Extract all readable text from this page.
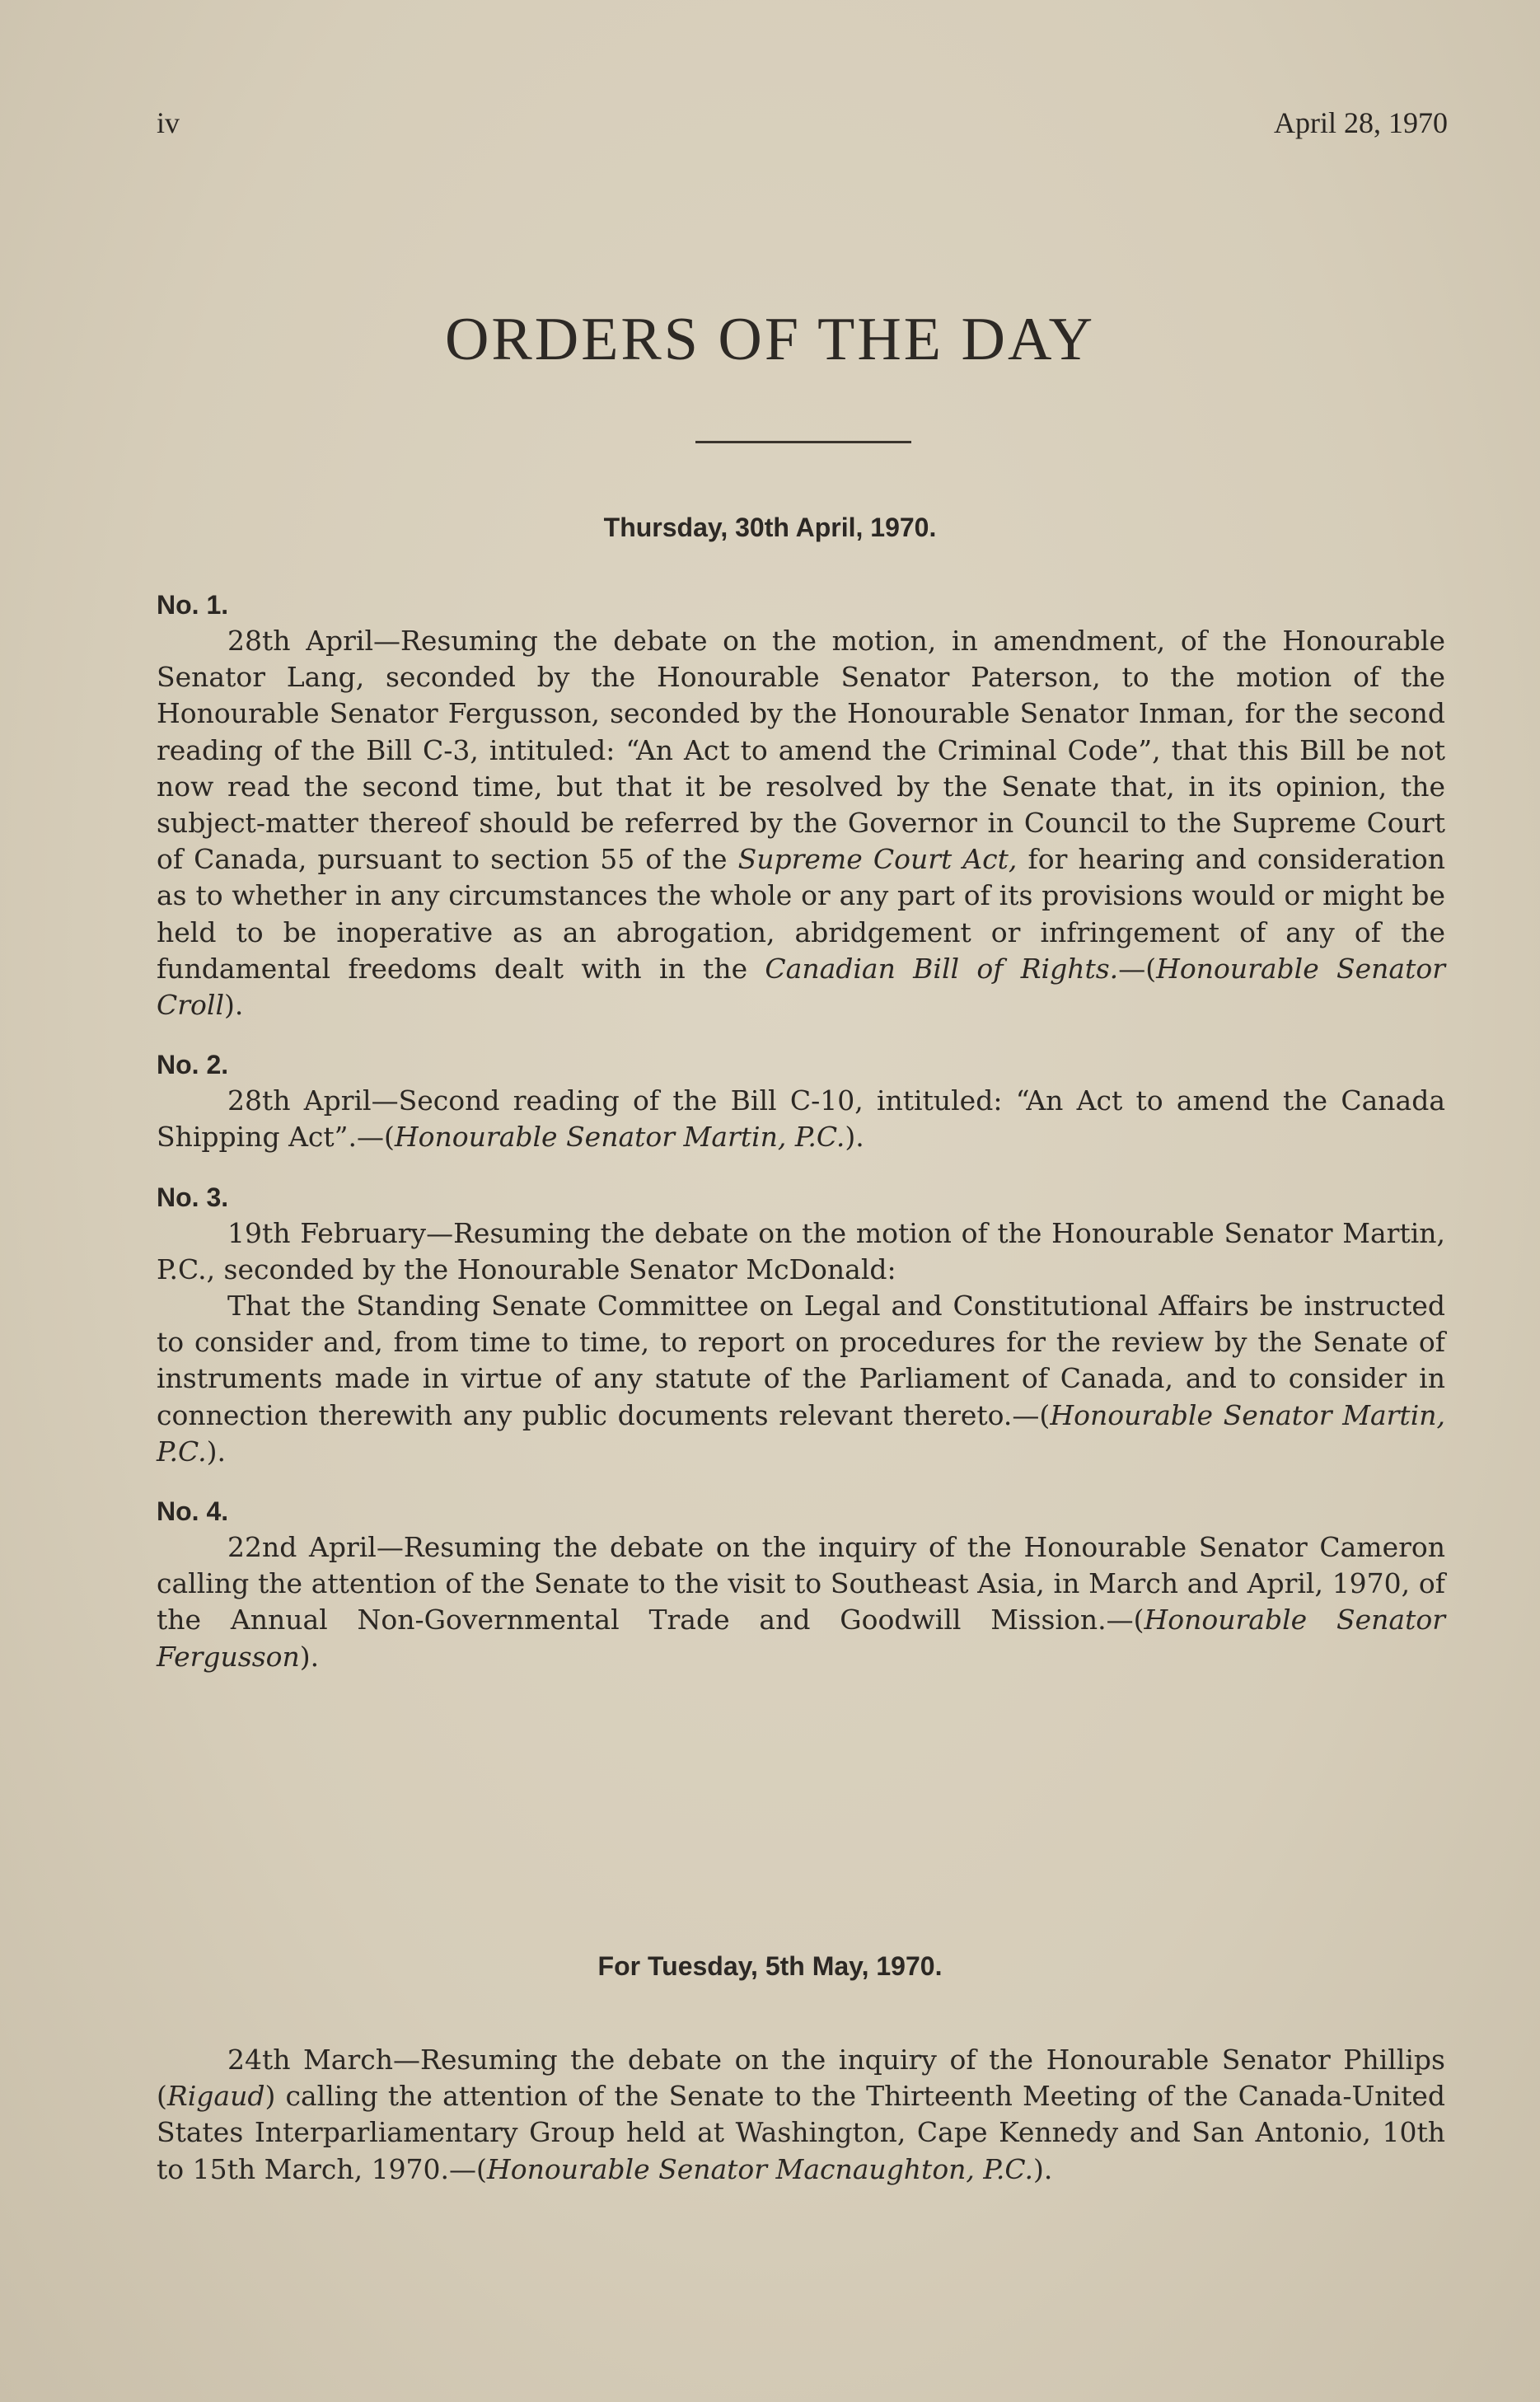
iv	April 28, 1970
ORDERS OF THE DAY
Thursday, 30th April, 1970.

No. 1.

28th April—Resuming the debate on the motion, in amendment, of the Honourable Senator Lang, seconded by the Honourable Senator Paterson, to the motion of the Honourable Senator Fergusson, seconded by the Honourable Senator Inman, for the second reading of the Bill C-3, intituled: “An Act to amend the Criminal Code”, that this Bill be not now read the second time, but that it be resolved by the Senate that, in its opinion, the subject-matter thereof should be referred by the Governor in Council to the Supreme Court of Canada, pursuant to section 55 of the Supreme Court Act, for hearing and consideration as to whether in any circumstances the whole or any part of its provisions would or might be held to be inoperative as an abrogation, abridgement or infringement of any of the fundamental freedoms dealt with in the Canadian Bill of Rights.—(Honourable Senator Croll).

No. 2.

28th April—Second reading of the Bill C-10, intituled: “An Act to amend the Canada Shipping Act”.—(Honourable Senator Martin, P.C.).

No. 3.

19th February—Resuming the debate on the motion of the Honourable Senator Martin, P.C., seconded by the Honourable Senator McDonald:

That the Standing Senate Committee on Legal and Constitutional Affairs be instructed to consider and, from time to time, to report on procedures for the review by the Senate of instruments made in virtue of any statute of the Parliament of Canada, and to consider in connection therewith any public documents relevant thereto.—(Honourable Senator Martin, P.C.).

No. 4.

22nd April—Resuming the debate on the inquiry of the Honourable Senator Cameron calling the attention of the Senate to the visit to Southeast Asia, in March and April, 1970, of the Annual Non-Governmental Trade and Goodwill Mission.—(Honourable Senator Fergusson).

For Tuesday, 5th May, 1970.

24th March—Resuming the debate on the inquiry of the Honourable Senator Phillips (Rigaud) calling the attention of the Senate to the Thirteenth Meeting of the Canada-United States Interparliamentary Group held at Washington, Cape Kennedy and San Antonio, 10th to 15th March, 1970.—(Honourable Senator Macnaughton, P.C.).
